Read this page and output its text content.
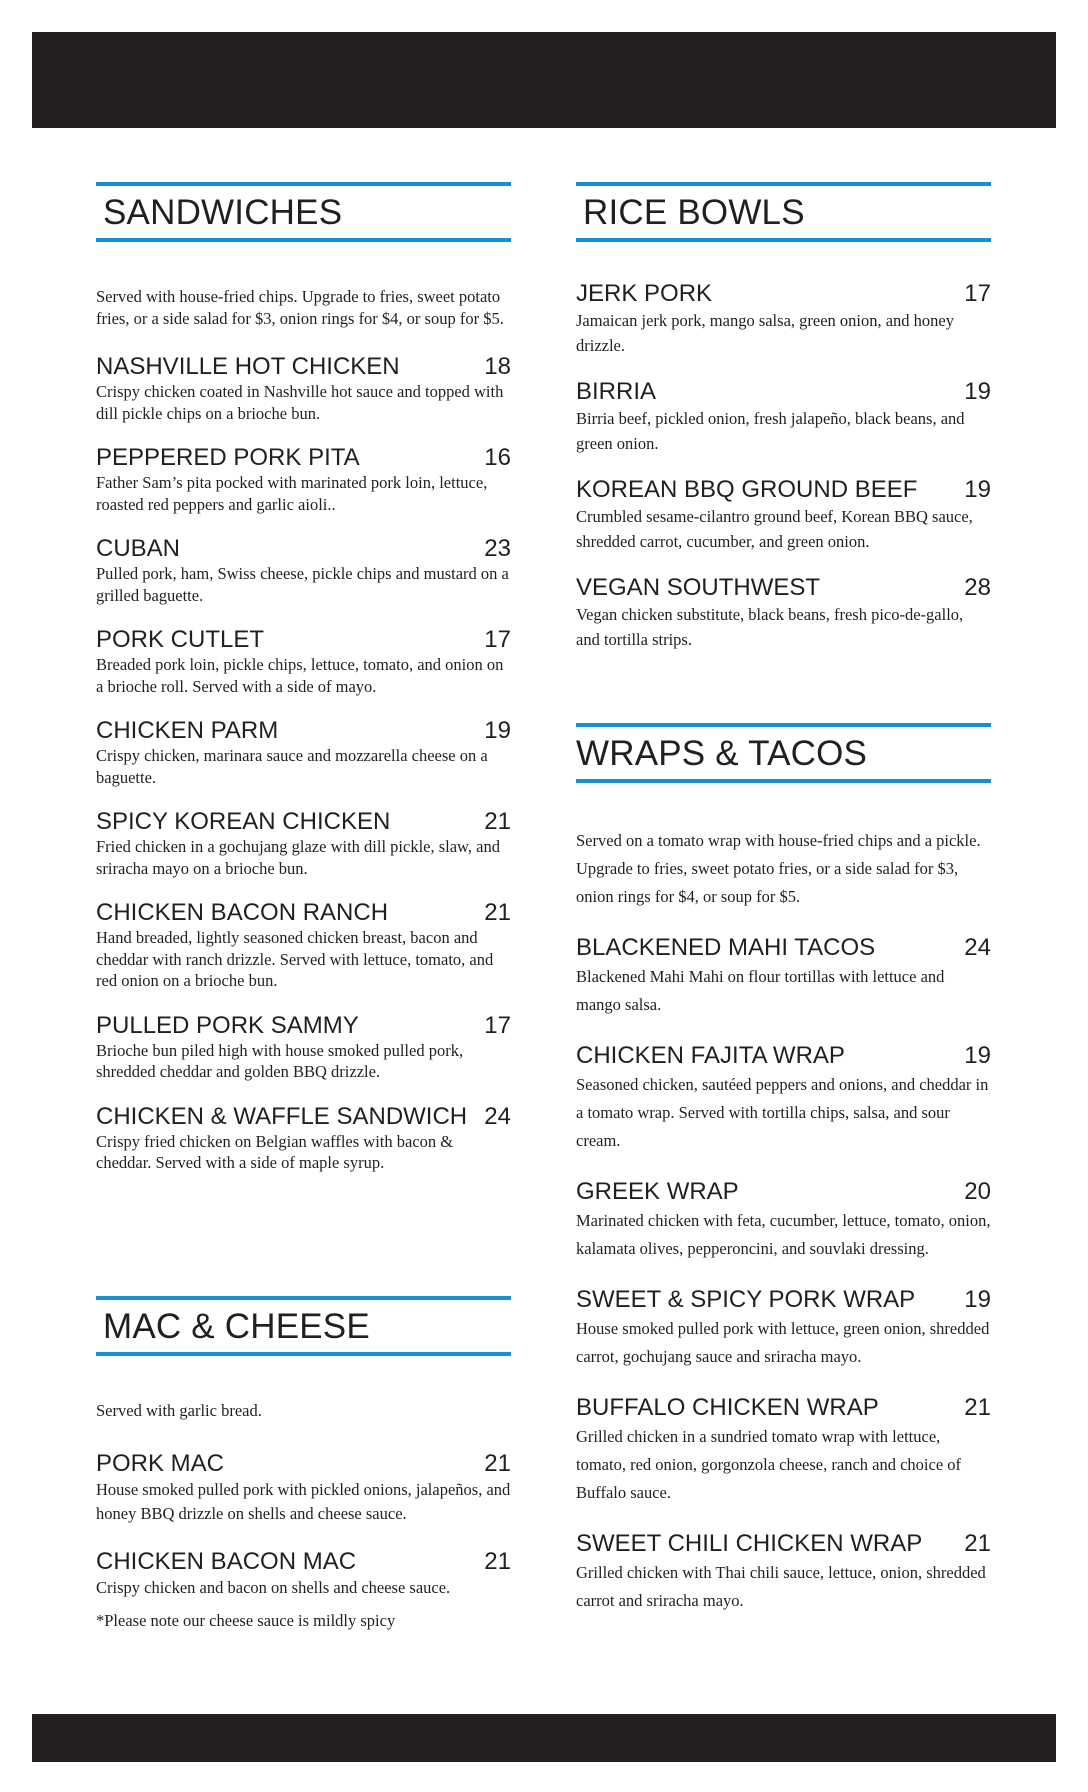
SANDWICHES

Served with house-fried chips. Upgrade to fries, sweet potato fries, or a side salad for $3, onion rings for $4, or soup for $5.

NASHVILLE HOT CHICKEN	18

Crispy chicken coated in Nashville hot sauce and topped with dill pickle chips on a brioche bun.

PEPPERED PORK PITA	16

Father Sam’s pita pocked with marinated pork loin, lettuce, roasted red peppers and garlic aioli..

CUBAN	23

Pulled pork, ham, Swiss cheese, pickle chips and mustard on a grilled baguette.

PORK CUTLET	17

Breaded pork loin, pickle chips, lettuce, tomato, and onion on a brioche roll. Served with a side of mayo.

CHICKEN PARM	19

Crispy chicken, marinara sauce and mozzarella cheese on a baguette.

SPICY KOREAN CHICKEN	21

Fried chicken in a gochujang glaze with dill pickle, slaw, and sriracha mayo on a brioche bun.

CHICKEN BACON RANCH	21

Hand breaded, lightly seasoned chicken breast, bacon and cheddar with ranch drizzle. Served with lettuce, tomato, and red onion on a brioche bun.

PULLED PORK SAMMY	17

Brioche bun piled high with house smoked pulled pork, shredded cheddar and golden BBQ drizzle.

CHICKEN & WAFFLE SANDWICH 24

Crispy fried chicken on Belgian waffles with bacon & cheddar. Served with a side of maple syrup.

MAC & CHEESE

Served with garlic bread.

PORK MAC	21

House smoked pulled pork with pickled onions, jalapeños, and honey BBQ drizzle on shells and cheese sauce.

CHICKEN BACON MAC	21

Crispy chicken and bacon on shells and cheese sauce.

*Please note our cheese sauce is mildly spicy

RICE BOWLS
JERK PORK	17

Jamaican jerk pork, mango salsa, green onion, and honey drizzle.

BIRRIA	19

Birria beef, pickled onion, fresh jalapeño, black beans, and green onion.

KOREAN BBQ GROUND BEEF 19

Crumbled sesame-cilantro ground beef, Korean BBQ sauce, shredded carrot, cucumber, and green onion.

VEGAN SOUTHWEST	28

Vegan chicken substitute, black beans, fresh pico-de-gallo, and tortilla strips.

WRAPS & TACOS

Served on a tomato wrap with house-fried chips and a pickle. Upgrade to fries, sweet potato fries, or a side salad for $3, onion rings for $4, or soup for $5.

BLACKENED MAHI TACOS	24

Blackened Mahi Mahi on flour tortillas with lettuce and mango salsa.

CHICKEN FAJITA WRAP	19

Seasoned chicken, sautéed peppers and onions, and cheddar in a tomato wrap. Served with tortilla chips, salsa, and sour cream.

GREEK WRAP	20

Marinated chicken with feta, cucumber, lettuce, tomato, onion, kalamata olives, pepperoncini, and souvlaki dressing.

SWEET & SPICY PORK WRAP 19

House smoked pulled pork with lettuce, green onion, shredded carrot, gochujang sauce and sriracha mayo.

BUFFALO CHICKEN WRAP	21

Grilled chicken in a sundried tomato wrap with lettuce, tomato, red onion, gorgonzola cheese, ranch and choice of Buffalo sauce.

SWEET CHILI CHICKEN WRAP 21

Grilled chicken with Thai chili sauce, lettuce, onion, shredded carrot and sriracha mayo.
